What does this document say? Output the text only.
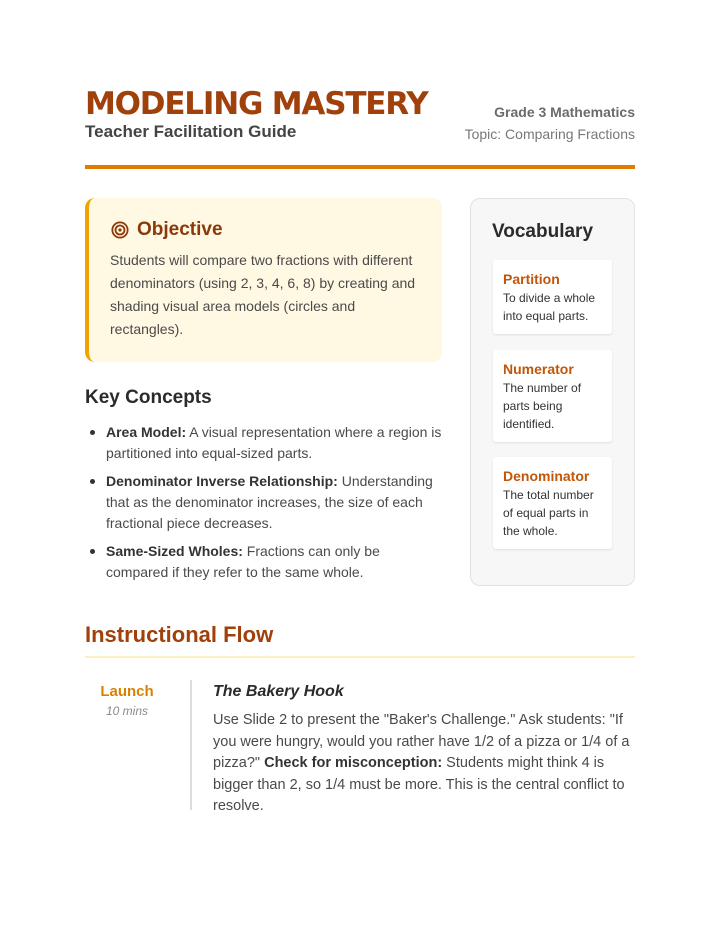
MODELING MASTERY
Teacher Facilitation Guide
Grade 3 Mathematics
Topic: Comparing Fractions
Objective
Students will compare two fractions with different denominators (using 2, 3, 4, 6, 8) by creating and shading visual area models (circles and rectangles).
Key Concepts
Area Model: A visual representation where a region is partitioned into equal-sized parts.
Denominator Inverse Relationship: Understanding that as the denominator increases, the size of each fractional piece decreases.
Same-Sized Wholes: Fractions can only be compared if they refer to the same whole.
Vocabulary
Partition
To divide a whole into equal parts.
Numerator
The number of parts being identified.
Denominator
The total number of equal parts in the whole.
Instructional Flow
Launch
10 mins
The Bakery Hook
Use Slide 2 to present the "Baker's Challenge." Ask students: "If you were hungry, would you rather have 1/2 of a pizza or 1/4 of a pizza?" Check for misconception: Students might think 4 is bigger than 2, so 1/4 must be more. This is the central conflict to resolve.
